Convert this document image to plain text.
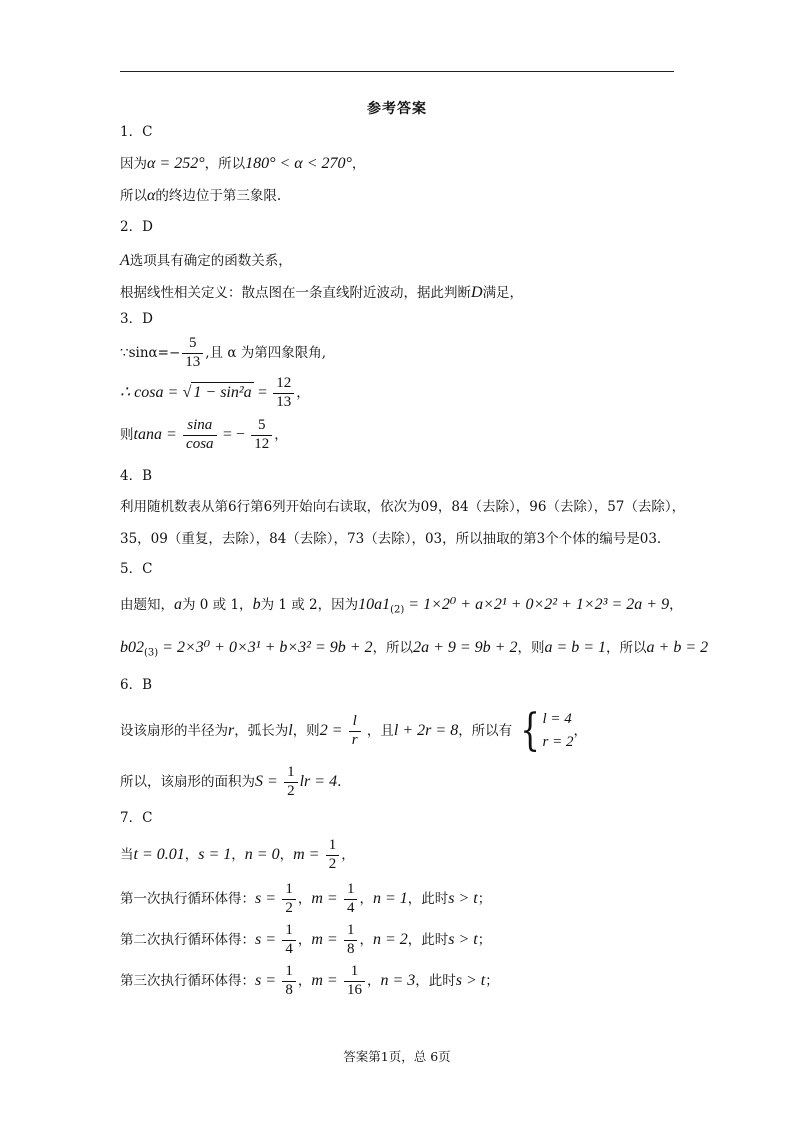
参考答案
1．C
因为α = 252°，所以180° < α < 270°，
所以α的终边位于第三象限.
2．D
A选项具有确定的函数关系，
根据线性相关定义：散点图在一条直线附近波动，据此判断D满足，
3．D
∵sinα=− $\frac{5}{13}$ ,且 α 为第四象限角,
∴ cosa = √ $1 - \sin^2a = \frac{12}{13}$ ，
则$\tan a = \frac{\sin a}{\cos a}$ = − $\frac{5}{12}$ ，
4．B
利用随机数表从第6行第6列开始向右读取，依次为09，84（去除），96（去除），57（去除），
35，09（重复，去除），84（去除），73（去除），03，所以抽取的第3个个体的编号是03.
5．C
由题知，a为 0 或 1，b为 1 或 2，因为$10a1_{(2)} = 1\times 2^0 + a\times 2^1 + 0\times 2^2 + 1\times 2^3 = 2a + 9$，
$b02_{(3)} = 2\times 3^0 + 0\times 3^1 + b\times 3^2 = 9b + 2$，所以2a + 9 = 9b + 2，则a = b = 1，所以a + b = 2
6．B
设该扇形的半径为r，弧长为l，则$2 = \frac{l}{r}$ ，且l + 2r = 8，所以有 { l = 4
r = 2
，
所以，该扇形的面积为$S = \frac{1}{2}$ lr = 4.
7．C
当t = 0.01，s = 1，n = 0，$m = \frac{1}{2}$ ，
第一次执行循环体得：$s = \frac{1}{2}$ ，$m = \frac{1}{4}$ ，n = 1，此时s > t；
第二次执行循环体得：$s = \frac{1}{4}$ ，$m = \frac{1}{8}$ ，n = 2，此时s > t；
第三次执行循环体得：$s = \frac{1}{8}$ ，$m = \frac{1}{16}$ ，n = 3，此时s > t；
答案第1页，总 6页
